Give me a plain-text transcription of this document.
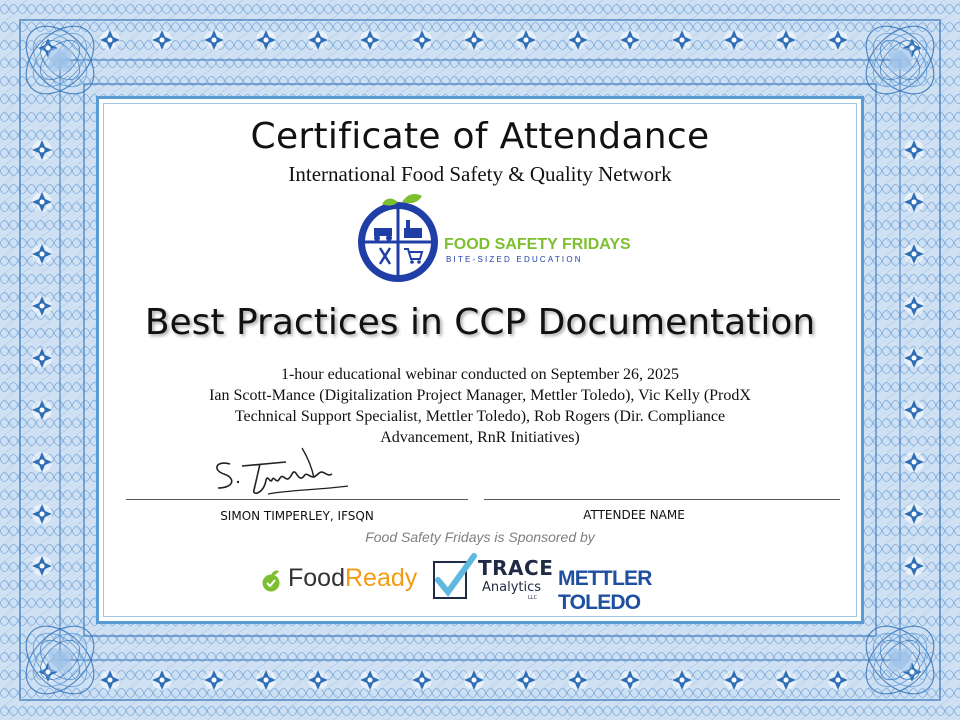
Certificate of Attendance
International Food Safety & Quality Network
FOOD SAFETY FRIDAYS
BITE-SIZED EDUCATION
Best Practices in CCP Documentation
1-hour educational webinar conducted on September 26, 2025
Ian Scott-Mance (Digitalization Project Manager, Mettler Toledo), Vic Kelly (ProdX
Technical Support Specialist, Mettler Toledo), Rob Rogers (Dir. Compliance
Advancement, RnR Initiatives)
SIMON TIMPERLEY, IFSQN	ATTENDEE NAME
Food Safety Fridays is Sponsored by
FoodReady	TRACE
Analytics
LLC
METTLER TOLEDO
